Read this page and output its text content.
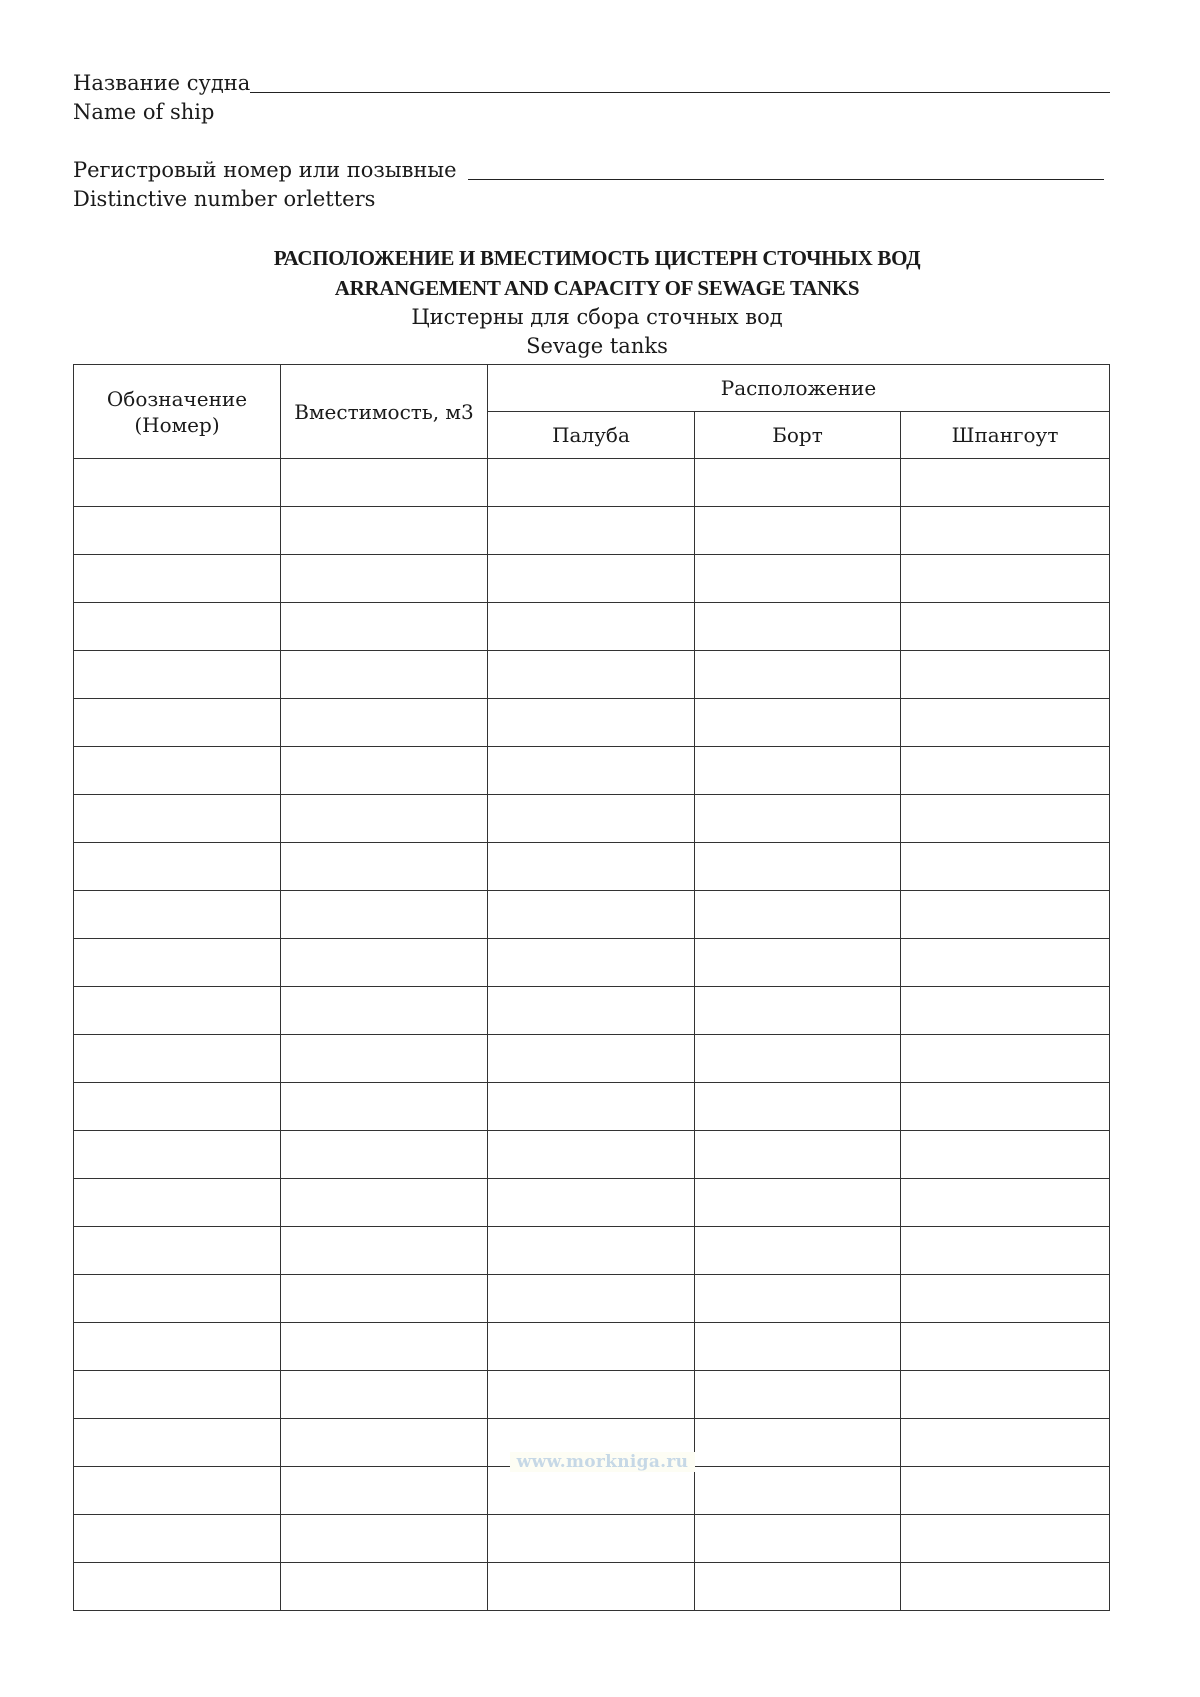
Название судна
Name of ship
Регистровый номер или позывные
Distinctive number orletters
РАСПОЛОЖЕНИЕ И ВМЕСТИМОСТЬ ЦИСТЕРН СТОЧНЫХ ВОД
ARRANGEMENT AND CAPACITY OF SEWAGE TANKS
Цистерны для сбора сточных вод
Sevage tanks
Обозначение (Номер)	Вместимость, м3	Расположение		
		Палуба	Борт	Шпангоут

www.morkniga.ru
